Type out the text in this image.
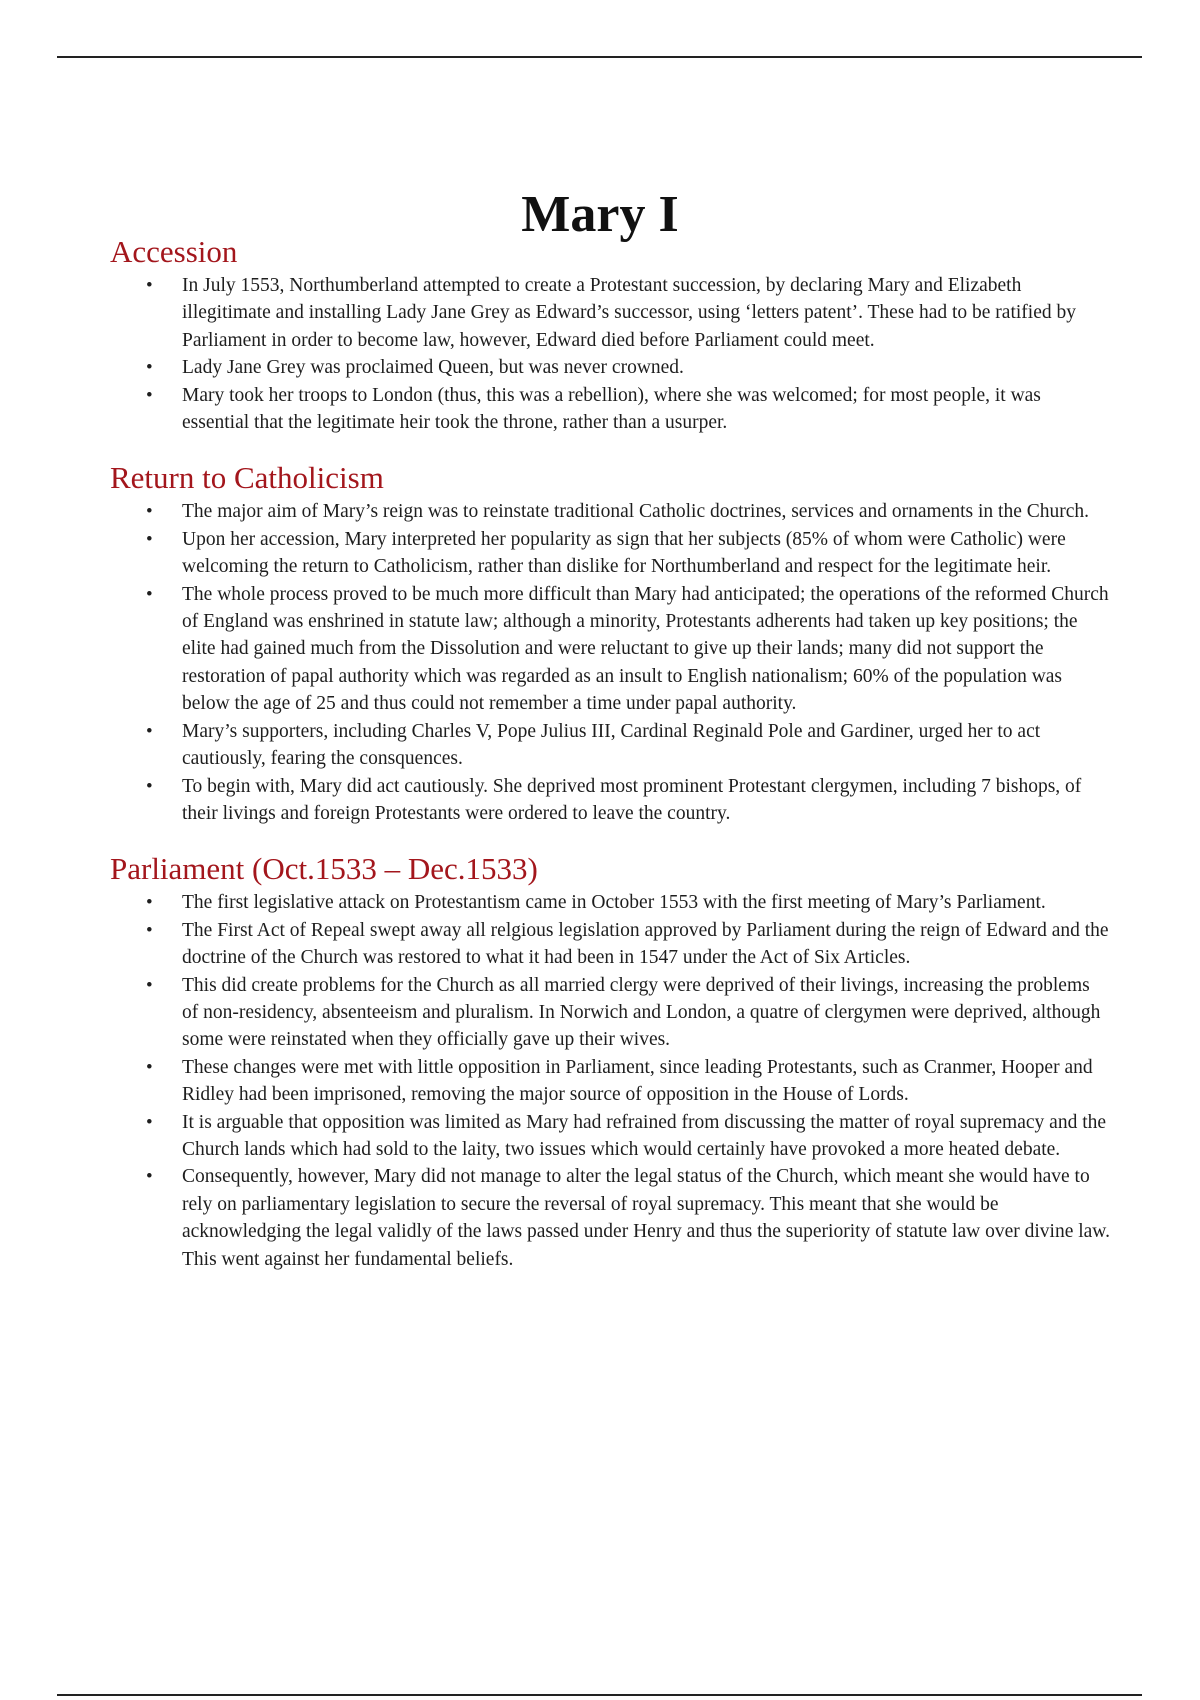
Mary I
Accession
• In July 1553, Northumberland attempted to create a Protestant succession, by declaring Mary and Elizabeth illegitimate and installing Lady Jane Grey as Edward’s successor, using ‘letters patent’. These had to be ratified by Parliament in order to become law, however, Edward died before Parliament could meet.
• Lady Jane Grey was proclaimed Queen, but was never crowned.
• Mary took her troops to London (thus, this was a rebellion), where she was welcomed; for most people, it was essential that the legitimate heir took the throne, rather than a usurper.
Return to Catholicism
• The major aim of Mary’s reign was to reinstate traditional Catholic doctrines, services and ornaments in the Church.
• Upon her accession, Mary interpreted her popularity as sign that her subjects (85% of whom were Catholic) were welcoming the return to Catholicism, rather than dislike for Northumberland and respect for the legitimate heir.
• The whole process proved to be much more difficult than Mary had anticipated; the operations of the reformed Church of England was enshrined in statute law; although a minority, Protestants adherents had taken up key positions; the elite had gained much from the Dissolution and were reluctant to give up their lands; many did not support the restoration of papal authority which was regarded as an insult to English nationalism; 60% of the population was below the age of 25 and thus could not remember a time under papal authority.
• Mary’s supporters, including Charles V, Pope Julius III, Cardinal Reginald Pole and Gardiner, urged her to act cautiously, fearing the consquences.
• To begin with, Mary did act cautiously. She deprived most prominent Protestant clergymen, including 7 bishops, of their livings and foreign Protestants were ordered to leave the country.
Parliament (Oct.1533 – Dec.1533)
• The first legislative attack on Protestantism came in October 1553 with the first meeting of Mary’s Parliament.
• The First Act of Repeal swept away all relgious legislation approved by Parliament during the reign of Edward and the doctrine of the Church was restored to what it had been in 1547 under the Act of Six Articles.
• This did create problems for the Church as all married clergy were deprived of their livings, increasing the problems of non-residency, absenteeism and pluralism. In Norwich and London, a quatre of clergymen were deprived, although some were reinstated when they officially gave up their wives.
• These changes were met with little opposition in Parliament, since leading Protestants, such as Cranmer, Hooper and Ridley had been imprisoned, removing the major source of opposition in the House of Lords.
• It is arguable that opposition was limited as Mary had refrained from discussing the matter of royal supremacy and the Church lands which had sold to the laity, two issues which would certainly have provoked a more heated debate.
• Consequently, however, Mary did not manage to alter the legal status of the Church, which meant she would have to rely on parliamentary legislation to secure the reversal of royal supremacy. This meant that she would be acknowledging the legal validly of the laws passed under Henry and thus the superiority of statute law over divine law. This went against her fundamental beliefs.
